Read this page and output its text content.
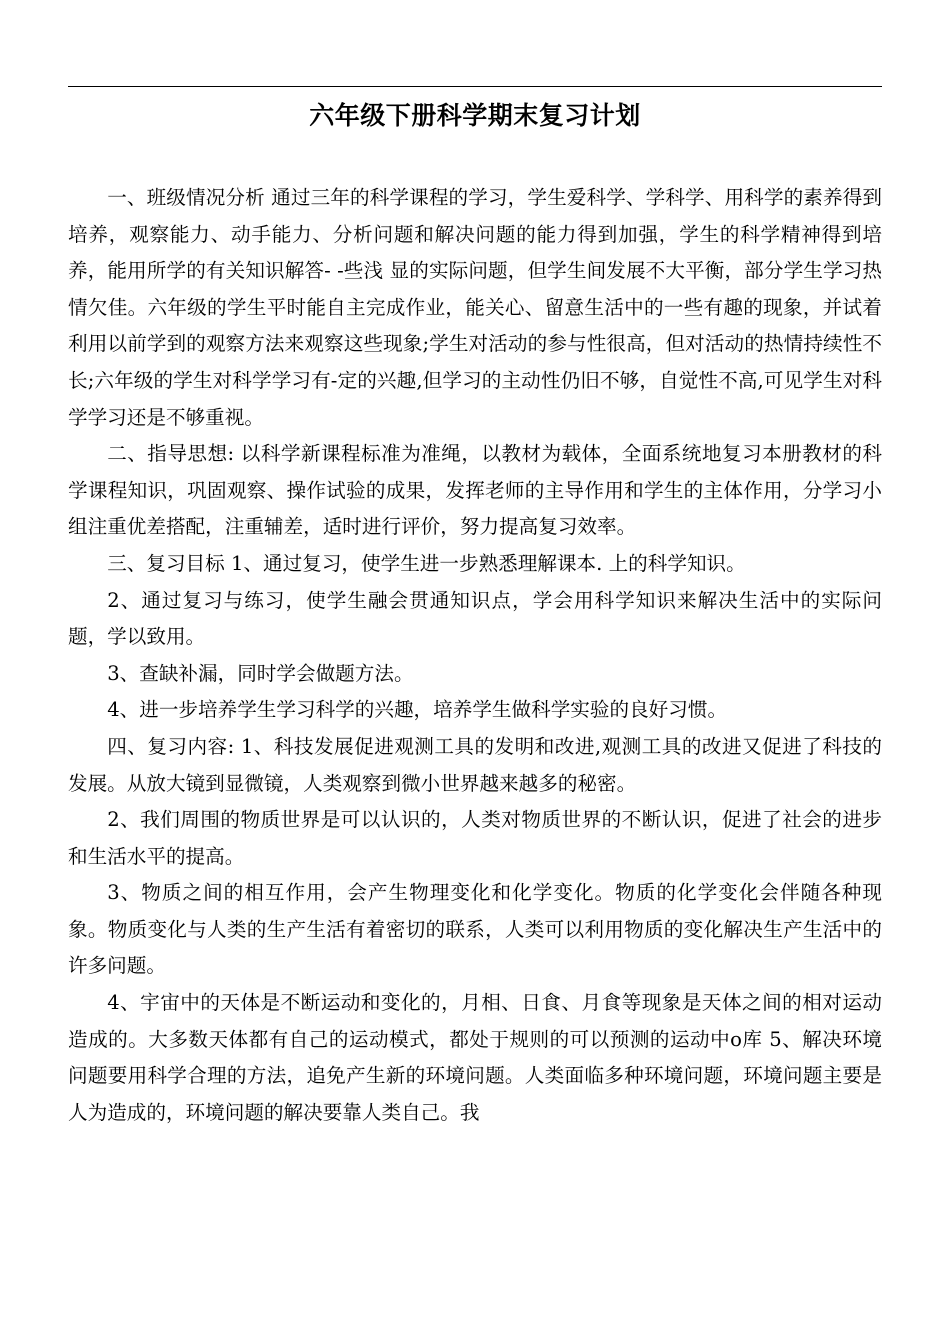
六年级下册科学期末复习计划

一、班级情况分析 通过三年的科学课程的学习，学生爱科学、学科学、用科学的素养得到培养，观察能力、动手能力、分析问题和解决问题的能力得到加强，学生的科学精神得到培养，能用所学的有关知识解答- -些浅 显的实际问题，但学生间发展不大平衡，部分学生学习热情欠佳。六年级的学生平时能自主完成作业，能关心、留意生活中的一些有趣的现象，并试着利用以前学到的观察方法来观察这些现象;学生对活动的参与性很高，但对活动的热情持续性不长;六年级的学生对科学学习有-定的兴趣,但学习的主动性仍旧不够，自觉性不高,可见学生对科学学习还是不够重视。

二、指导思想: 以科学新课程标准为准绳，以教材为载体，全面系统地复习本册教材的科学课程知识，巩固观察、操作试验的成果，发挥老师的主导作用和学生的主体作用，分学习小组注重优差搭配，注重辅差，适时进行评价，努力提高复习效率。

三、复习目标 1、通过复习，使学生进一步熟悉理解课本. 上的科学知识。

2、通过复习与练习，使学生融会贯通知识点，学会用科学知识来解决生活中的实际问题，学以致用。

3、查缺补漏，同时学会做题方法。

4、进一步培养学生学习科学的兴趣，培养学生做科学实验的良好习惯。

四、复习内容: 1、科技发展促进观测工具的发明和改进,观测工具的改进又促进了科技的发展。从放大镜到显微镜，人类观察到微小世界越来越多的秘密。

2、我们周围的物质世界是可以认识的，人类对物质世界的不断认识，促进了社会的进步和生活水平的提高。

3、物质之间的相互作用，会产生物理变化和化学变化。物质的化学变化会伴随各种现象。物质变化与人类的生产生活有着密切的联系，人类可以利用物质的变化解决生产生活中的许多问题。

4、宇宙中的天体是不断运动和变化的，月相、日食、月食等现象是天体之间的相对运动造成的。大多数天体都有自己的运动模式，都处于规则的可以预测的运动中o库 5、解决环境问题要用科学合理的方法，追免产生新的环境问题。人类面临多种环境问题，环境问题主要是人为造成的，环境问题的解决要靠人类自己。我
